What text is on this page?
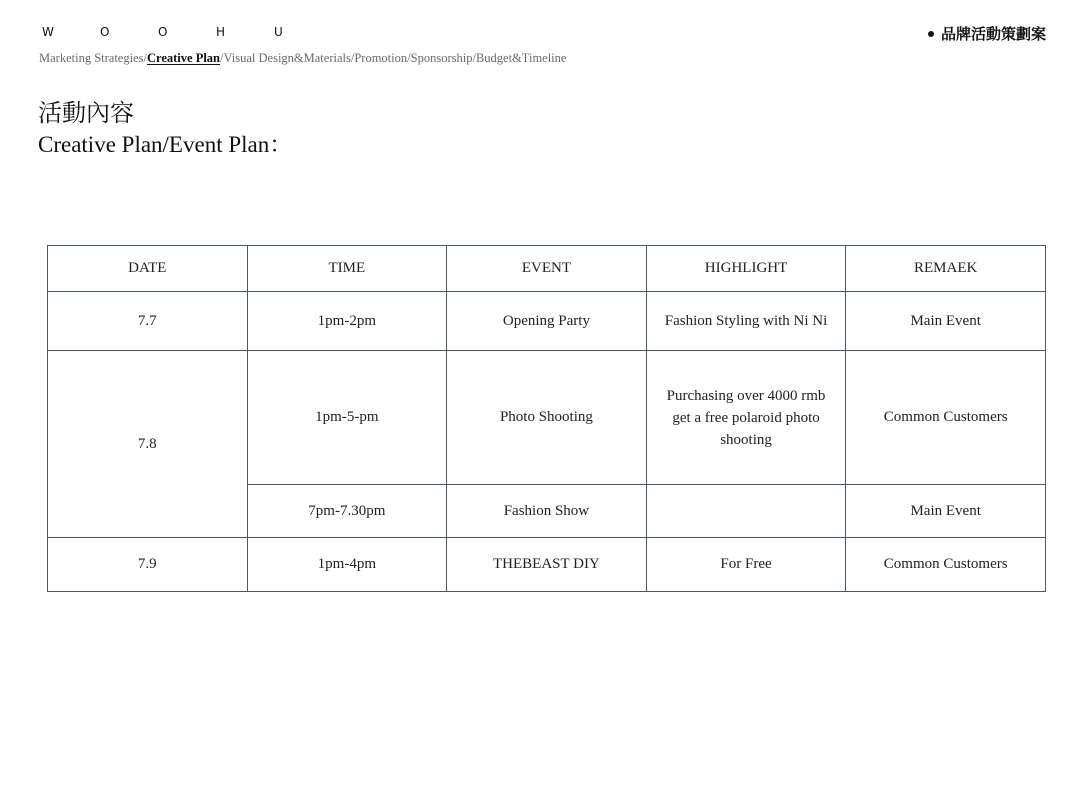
W	O	O	H	U
Marketing Strategies/Creative Plan/Visual Design&Materials/Promotion/Sponsorship/Budget&Timeline
品牌活動策劃案
活動內容
Creative Plan/Event Plan：
DATE	TIME	EVENT	HIGHLIGHT	REMAEK
7.7	1pm-2pm	Opening Party	Fashion Styling with Ni Ni	Main Event
7.8	1pm-5-pm	Photo Shooting	Purchasing over 4000 rmb get a free polaroid photo shooting	Common Customers
	7pm-7.30pm	Fashion Show		Main Event
7.9	1pm-4pm	THEBEAST DIY	For Free	Common Customers
